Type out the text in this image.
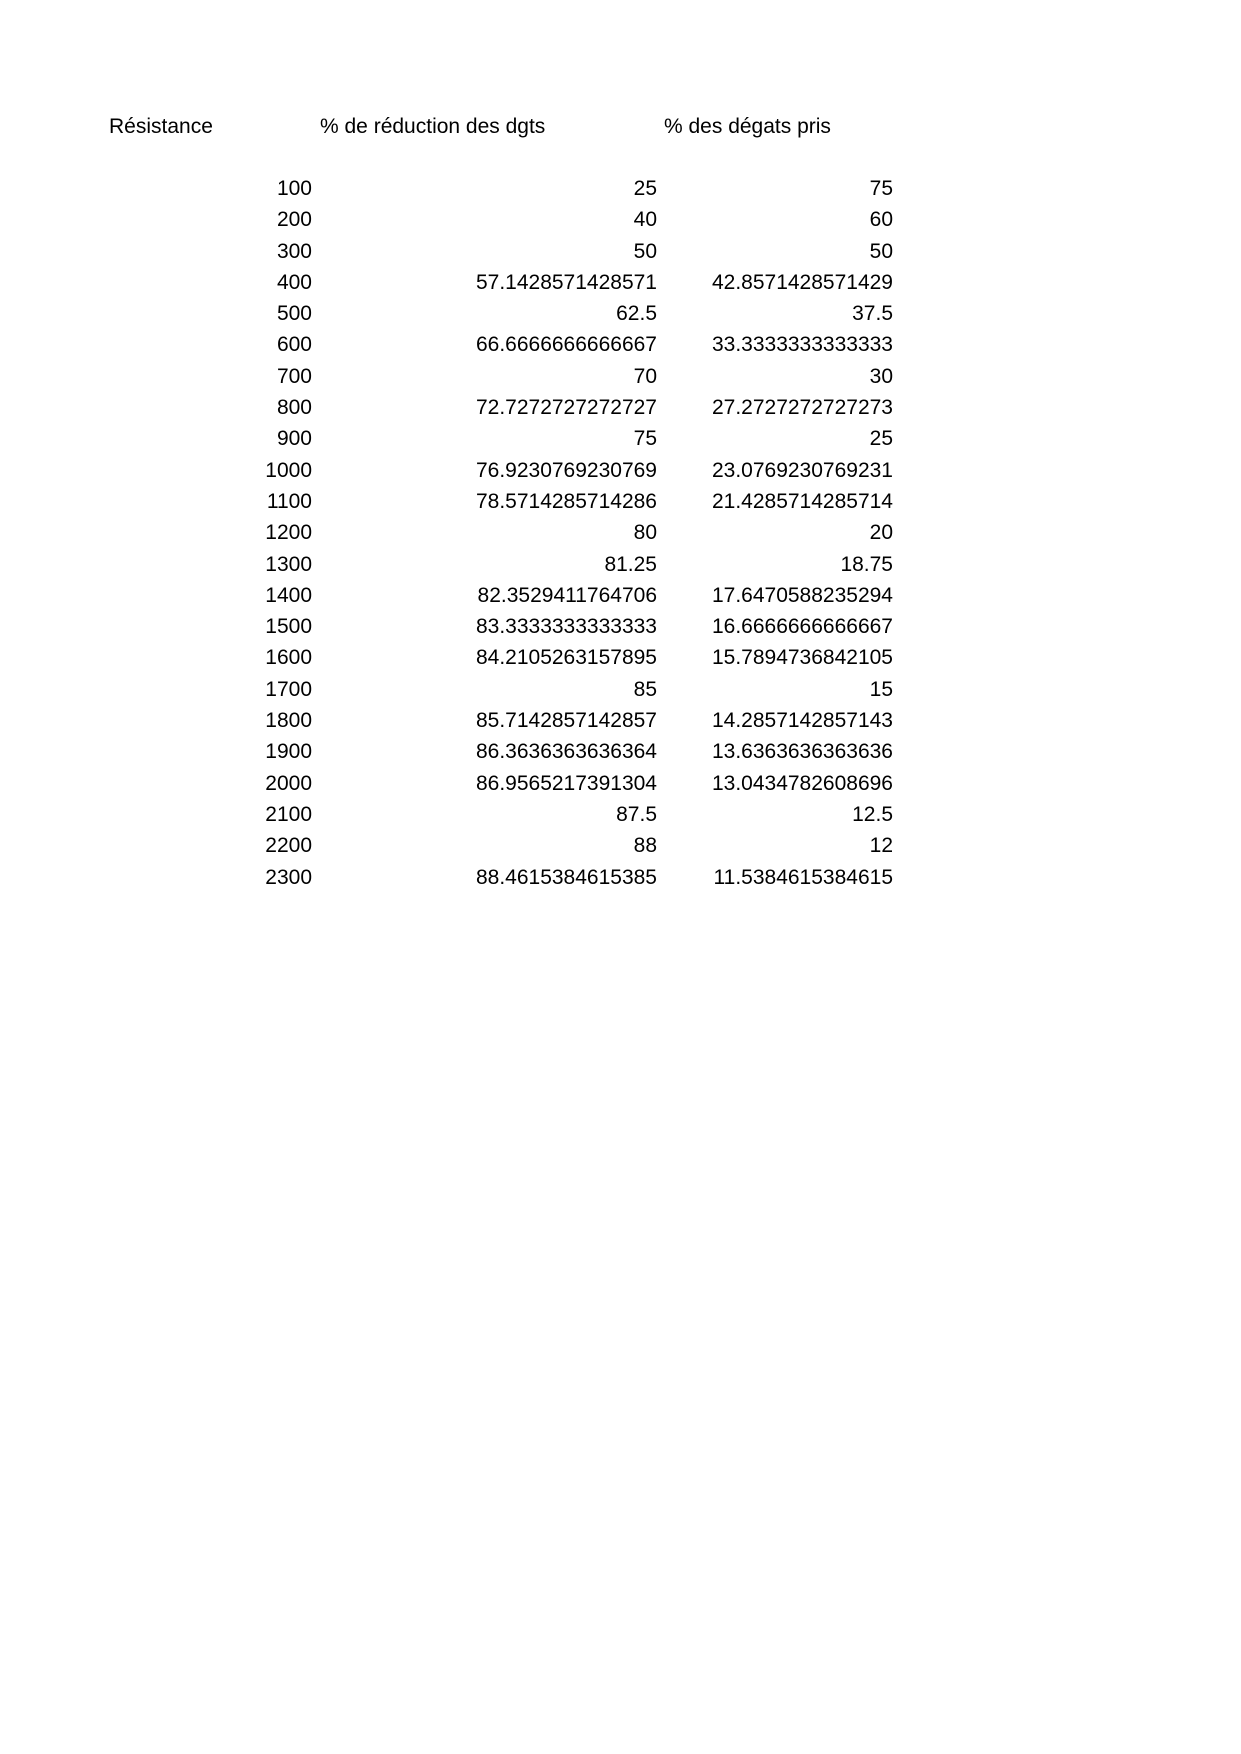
Résistance	% de réduction des dgts	% des dégats pris
100	25	75
200	40	60
300	50	50
400	57.1428571428571	42.8571428571429
500	62.5	37.5
600	66.6666666666667	33.3333333333333
700	70	30
800	72.7272727272727	27.2727272727273
900	75	25
1000	76.9230769230769	23.0769230769231
1100	78.5714285714286	21.4285714285714
1200	80	20
1300	81.25	18.75
1400	82.3529411764706	17.6470588235294
1500	83.3333333333333	16.6666666666667
1600	84.2105263157895	15.7894736842105
1700	85	15
1800	85.7142857142857	14.2857142857143
1900	86.3636363636364	13.6363636363636
2000	86.9565217391304	13.0434782608696
2100	87.5	12.5
2200	88	12
2300	88.4615384615385	11.5384615384615
